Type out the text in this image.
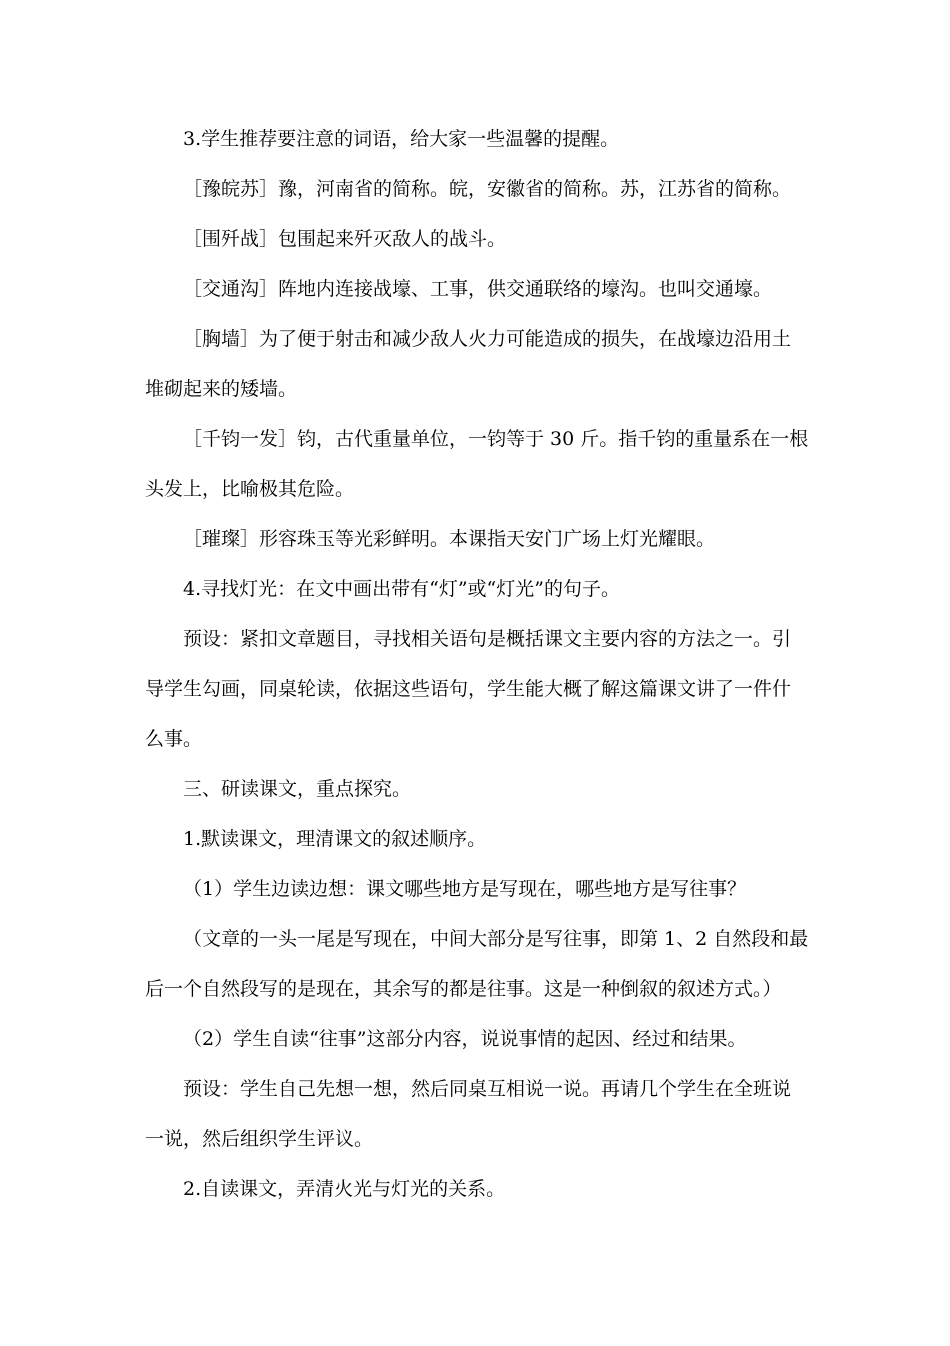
3.学生推荐要注意的词语，给大家一些温馨的提醒。

［豫皖苏］豫，河南省的简称。皖，安徽省的简称。苏，江苏省的简称。

［围歼战］包围起来歼灭敌人的战斗。

［交通沟］阵地内连接战壕、工事，供交通联络的壕沟。也叫交通壕。

［胸墙］为了便于射击和减少敌人火力可能造成的损失，在战壕边沿用土

堆砌起来的矮墙。

［千钧一发］钧，古代重量单位，一钧等于 30 斤。指千钧的重量系在一根

头发上，比喻极其危险。

［璀璨］形容珠玉等光彩鲜明。本课指天安门广场上灯光耀眼。

4.寻找灯光：在文中画出带有“灯”或“灯光”的句子。

预设：紧扣文章题目，寻找相关语句是概括课文主要内容的方法之一。引

导学生勾画，同桌轮读，依据这些语句，学生能大概了解这篇课文讲了一件什

么事。

三、研读课文，重点探究。

1.默读课文，理清课文的叙述顺序。

（1）学生边读边想：课文哪些地方是写现在，哪些地方是写往事？

（文章的一头一尾是写现在，中间大部分是写往事，即第 1、2 自然段和最

后一个自然段写的是现在，其余写的都是往事。这是一种倒叙的叙述方式。）

（2）学生自读“往事”这部分内容，说说事情的起因、经过和结果。

预设：学生自己先想一想，然后同桌互相说一说。再请几个学生在全班说

一说，然后组织学生评议。

2.自读课文，弄清火光与灯光的关系。
